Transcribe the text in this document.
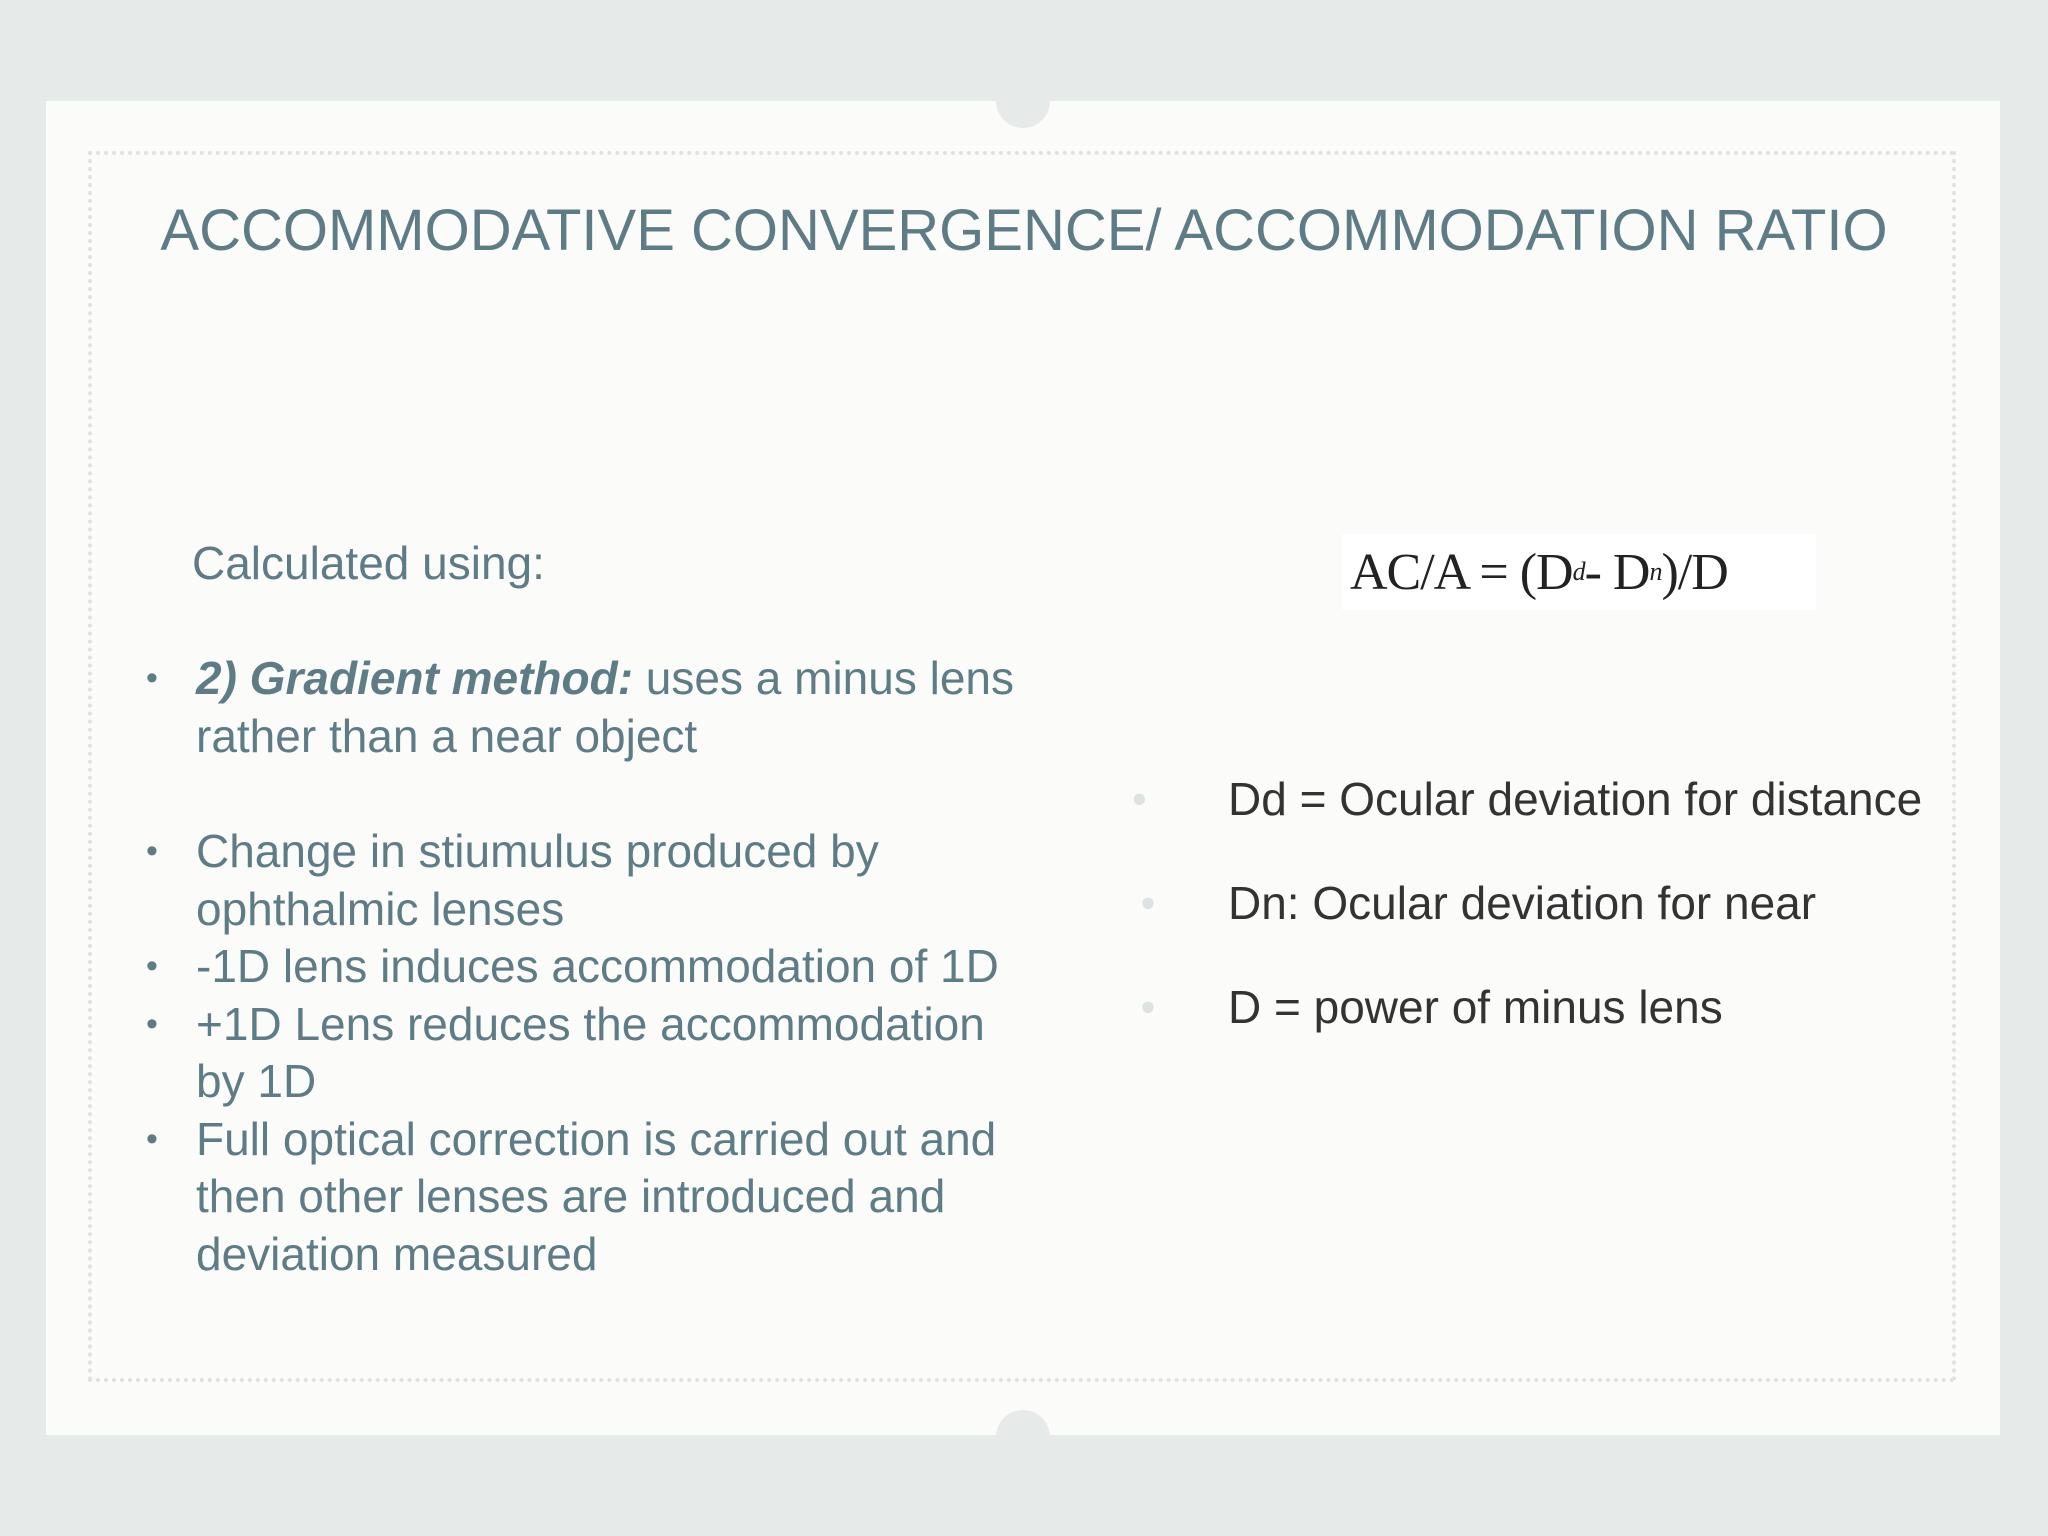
ACCOMMODATIVE CONVERGENCE/ ACCOMMODATION RATIO
Calculated using:
• 2) Gradient method: uses a minus lens rather than a near object
• Change in stiumulus produced by ophthalmic lenses
• -1D lens induces accommodation of 1D
• +1D Lens reduces the accommodation by 1D
• Full optical correction is carried out and then other lenses are introduced and deviation measured
AC/A = (D d - D n )/D
•	Dd = Ocular deviation for distance
• Dn: Ocular deviation for near
• D = power of minus lens
